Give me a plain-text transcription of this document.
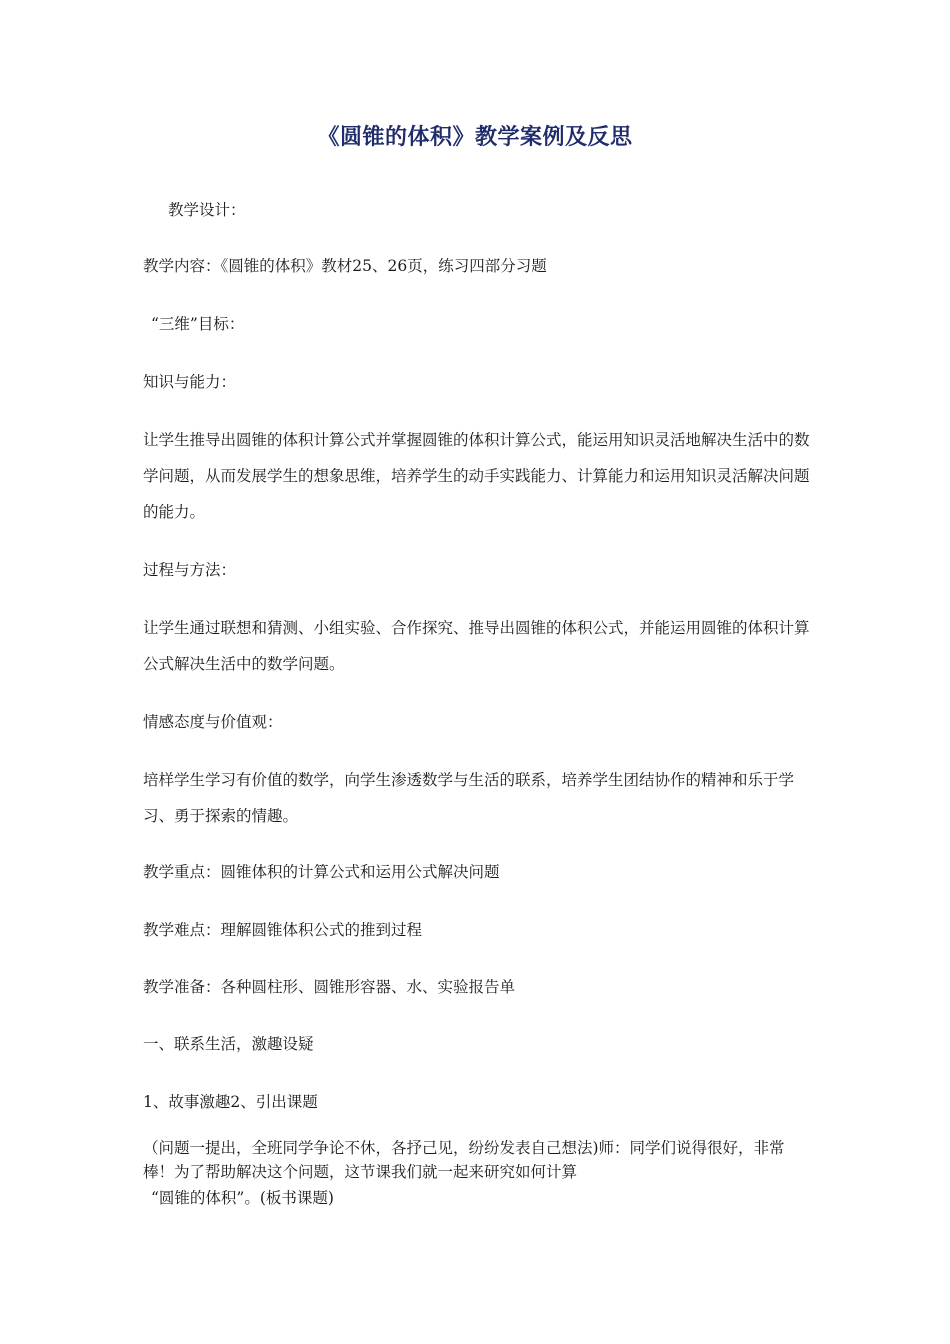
《圆锥的体积》教学案例及反思
教学设计：
教学内容：《圆锥的体积》教材25、26页，练习四部分习题
“三维”目标：
知识与能力：
让学生推导出圆锥的体积计算公式并掌握圆锥的体积计算公式，能运用知识灵活地解决生活中的数学问题，从而发展学生的想象思维，培养学生的动手实践能力、计算能力和运用知识灵活解决问题的能力。
过程与方法：
让学生通过联想和猜测、小组实验、合作探究、推导出圆锥的体积公式，并能运用圆锥的体积计算公式解决生活中的数学问题。
情感态度与价值观：
培样学生学习有价值的数学，向学生渗透数学与生活的联系，培养学生团结协作的精神和乐于学习、勇于探索的情趣。
教学重点：圆锥体积的计算公式和运用公式解决问题
教学难点：理解圆锥体积公式的推到过程
教学准备：各种圆柱形、圆锥形容器、水、实验报告单
一、联系生活，激趣设疑
1、故事激趣2、引出课题
（问题一提出，全班同学争论不休，各抒己见，纷纷发表自己想法)师：同学们说得很好，非常棒！为了帮助解决这个问题，这节课我们就一起来研究如何计算
“圆锥的体积”。(板书课题)
